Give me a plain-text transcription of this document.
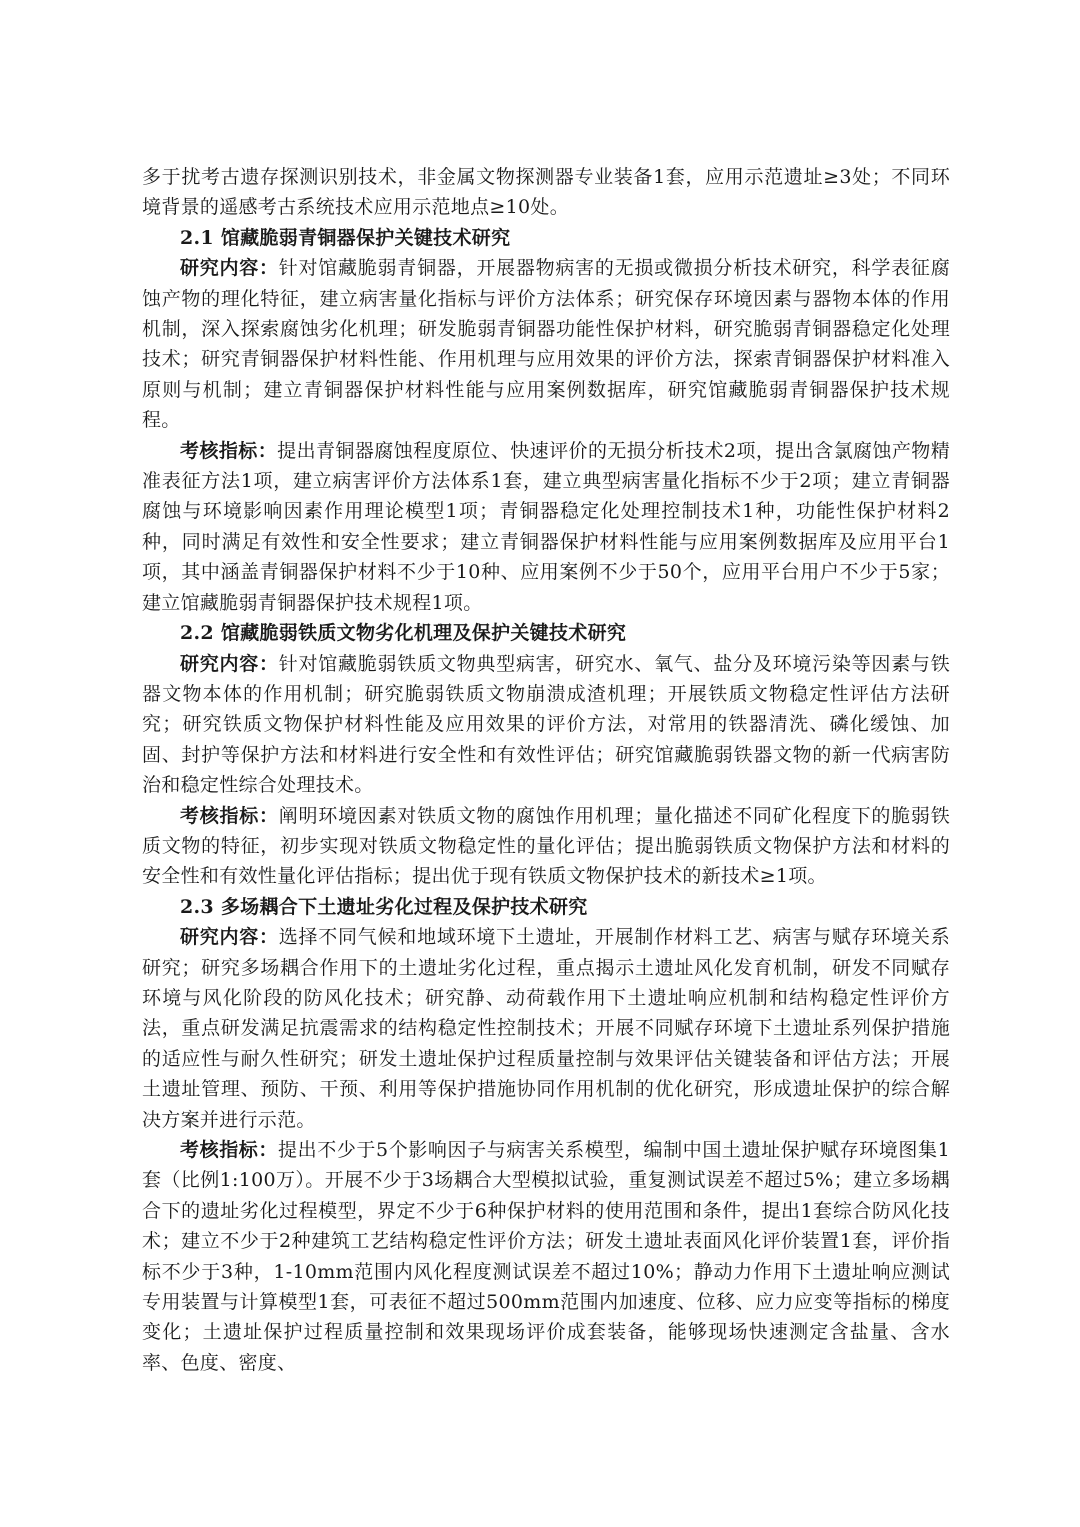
多于扰考古遗存探测识别技术，非金属文物探测器专业装备1套，应用示范遗址≥3处；不同环境背景的遥感考古系统技术应用示范地点≥10处。

2.1 馆藏脆弱青铜器保护关键技术研究

研究内容：针对馆藏脆弱青铜器，开展器物病害的无损或微损分析技术研究，科学表征腐蚀产物的理化特征，建立病害量化指标与评价方法体系；研究保存环境因素与器物本体的作用机制，深入探索腐蚀劣化机理；研发脆弱青铜器功能性保护材料，研究脆弱青铜器稳定化处理技术；研究青铜器保护材料性能、作用机理与应用效果的评价方法，探索青铜器保护材料准入原则与机制；建立青铜器保护材料性能与应用案例数据库，研究馆藏脆弱青铜器保护技术规程。

考核指标：提出青铜器腐蚀程度原位、快速评价的无损分析技术2项，提出含氯腐蚀产物精准表征方法1项，建立病害评价方法体系1套，建立典型病害量化指标不少于2项；建立青铜器腐蚀与环境影响因素作用理论模型1项；青铜器稳定化处理控制技术1种，功能性保护材料2种，同时满足有效性和安全性要求；建立青铜器保护材料性能与应用案例数据库及应用平台1项，其中涵盖青铜器保护材料不少于10种、应用案例不少于50个，应用平台用户不少于5家；建立馆藏脆弱青铜器保护技术规程1项。

2.2 馆藏脆弱铁质文物劣化机理及保护关键技术研究

研究内容：针对馆藏脆弱铁质文物典型病害，研究水、氧气、盐分及环境污染等因素与铁器文物本体的作用机制；研究脆弱铁质文物崩溃成渣机理；开展铁质文物稳定性评估方法研究；研究铁质文物保护材料性能及应用效果的评价方法，对常用的铁器清洗、磷化缓蚀、加固、封护等保护方法和材料进行安全性和有效性评估；研究馆藏脆弱铁器文物的新一代病害防治和稳定性综合处理技术。

考核指标：阐明环境因素对铁质文物的腐蚀作用机理；量化描述不同矿化程度下的脆弱铁质文物的特征，初步实现对铁质文物稳定性的量化评估；提出脆弱铁质文物保护方法和材料的安全性和有效性量化评估指标；提出优于现有铁质文物保护技术的新技术≥1项。

2.3 多场耦合下土遗址劣化过程及保护技术研究

研究内容：选择不同气候和地域环境下土遗址，开展制作材料工艺、病害与赋存环境关系研究；研究多场耦合作用下的土遗址劣化过程，重点揭示土遗址风化发育机制，研发不同赋存环境与风化阶段的防风化技术；研究静、动荷载作用下土遗址响应机制和结构稳定性评价方法，重点研发满足抗震需求的结构稳定性控制技术；开展不同赋存环境下土遗址系列保护措施的适应性与耐久性研究；研发土遗址保护过程质量控制与效果评估关键装备和评估方法；开展土遗址管理、预防、干预、利用等保护措施协同作用机制的优化研究，形成遗址保护的综合解决方案并进行示范。

考核指标：提出不少于5个影响因子与病害关系模型，编制中国土遗址保护赋存环境图集1套（比例1:100万）。开展不少于3场耦合大型模拟试验，重复测试误差不超过5%；建立多场耦合下的遗址劣化过程模型，界定不少于6种保护材料的使用范围和条件，提出1套综合防风化技术；建立不少于2种建筑工艺结构稳定性评价方法；研发土遗址表面风化评价装置1套，评价指标不少于3种，1-10mm范围内风化程度测试误差不超过10%；静动力作用下土遗址响应测试专用装置与计算模型1套，可表征不超过500mm范围内加速度、位移、应力应变等指标的梯度变化；土遗址保护过程质量控制和效果现场评价成套装备，能够现场快速测定含盐量、含水率、色度、密度、
